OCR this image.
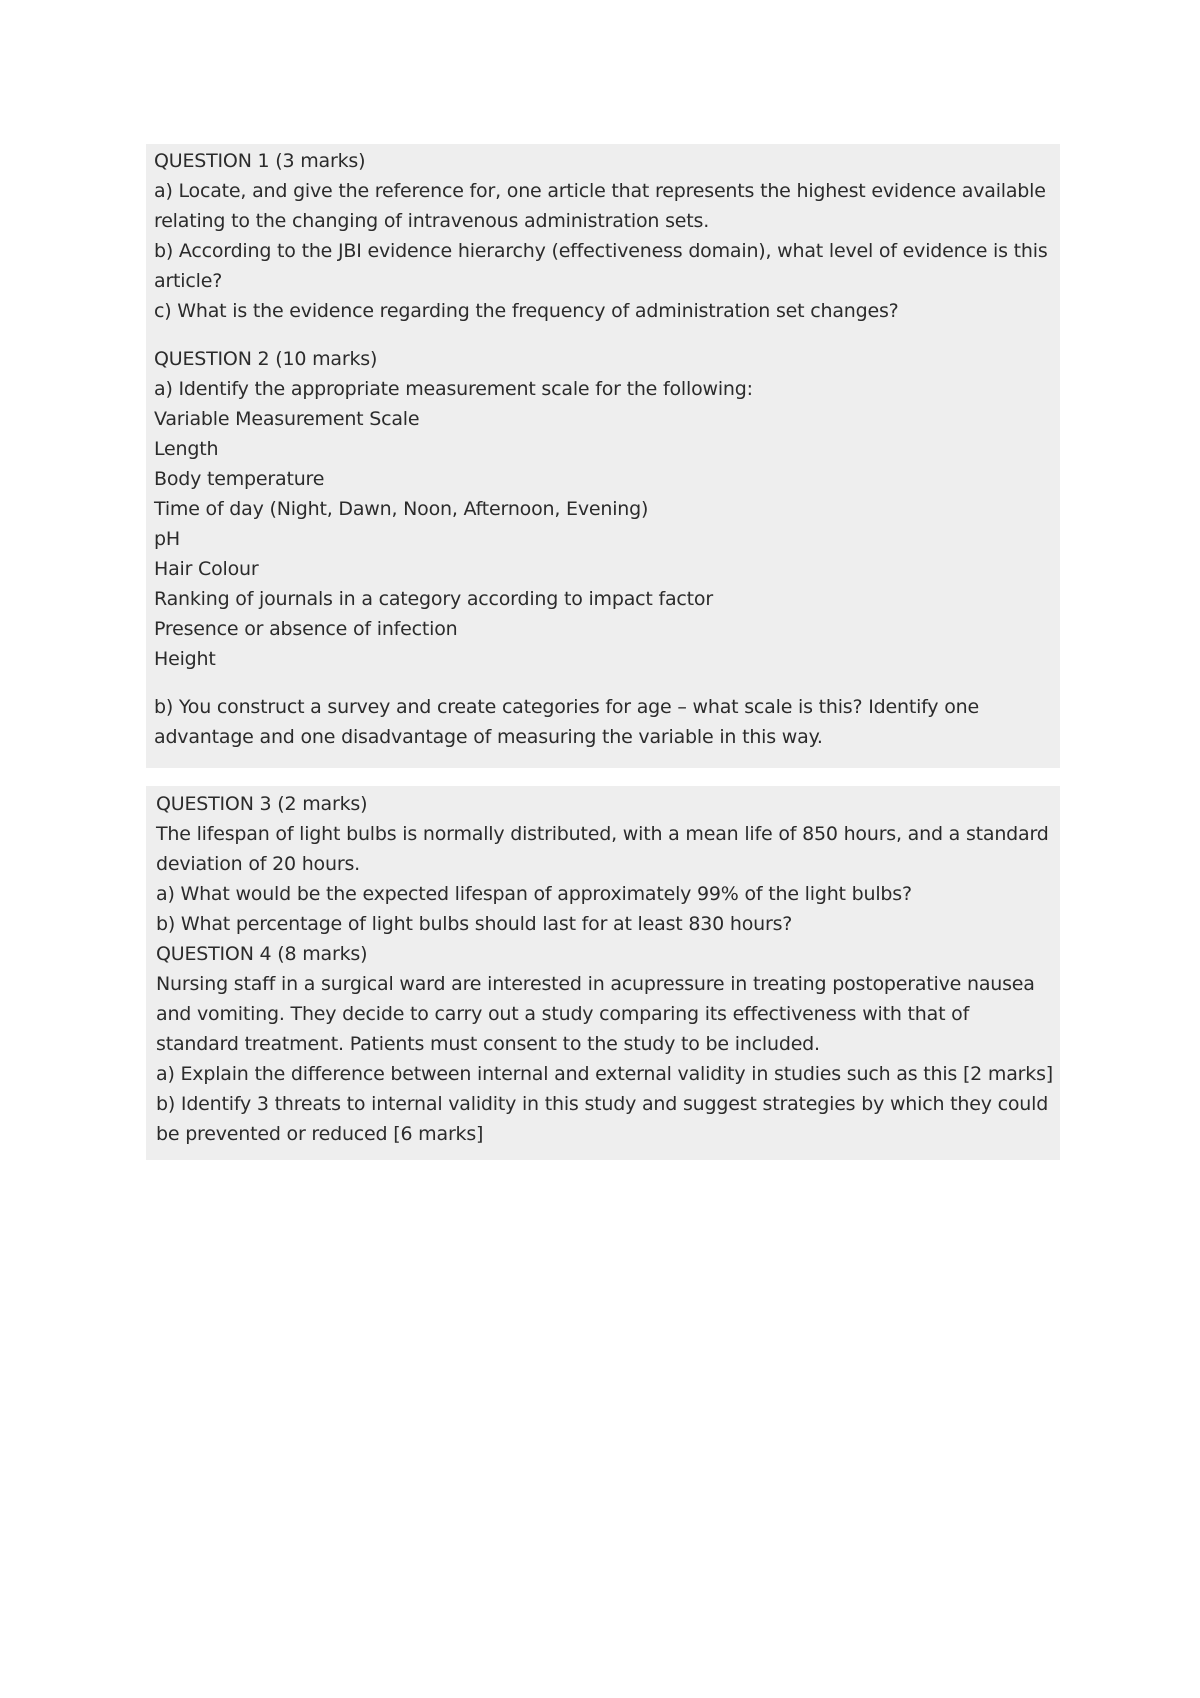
QUESTION 1 (3 marks)
a) Locate, and give the reference for, one article that represents the highest evidence available
relating to the changing of intravenous administration sets.
b) According to the JBI evidence hierarchy (effectiveness domain), what level of evidence is this
article?
c) What is the evidence regarding the frequency of administration set changes?
QUESTION 2 (10 marks)
a) Identify the appropriate measurement scale for the following:
Variable Measurement Scale
Length
Body temperature
Time of day (Night, Dawn, Noon, Afternoon, Evening)
pH
Hair Colour
Ranking of journals in a category according to impact factor
Presence or absence of infection
Height
b) You construct a survey and create categories for age – what scale is this? Identify one
advantage and one disadvantage of measuring the variable in this way.
QUESTION 3 (2 marks)
The lifespan of light bulbs is normally distributed, with a mean life of 850 hours, and a standard
deviation of 20 hours.
a) What would be the expected lifespan of approximately 99% of the light bulbs?
b) What percentage of light bulbs should last for at least 830 hours?
QUESTION 4 (8 marks)
Nursing staff in a surgical ward are interested in acupressure in treating postoperative nausea
and vomiting. They decide to carry out a study comparing its effectiveness with that of
standard treatment. Patients must consent to the study to be included.
a) Explain the difference between internal and external validity in studies such as this [2 marks]
b) Identify 3 threats to internal validity in this study and suggest strategies by which they could
be prevented or reduced [6 marks]
